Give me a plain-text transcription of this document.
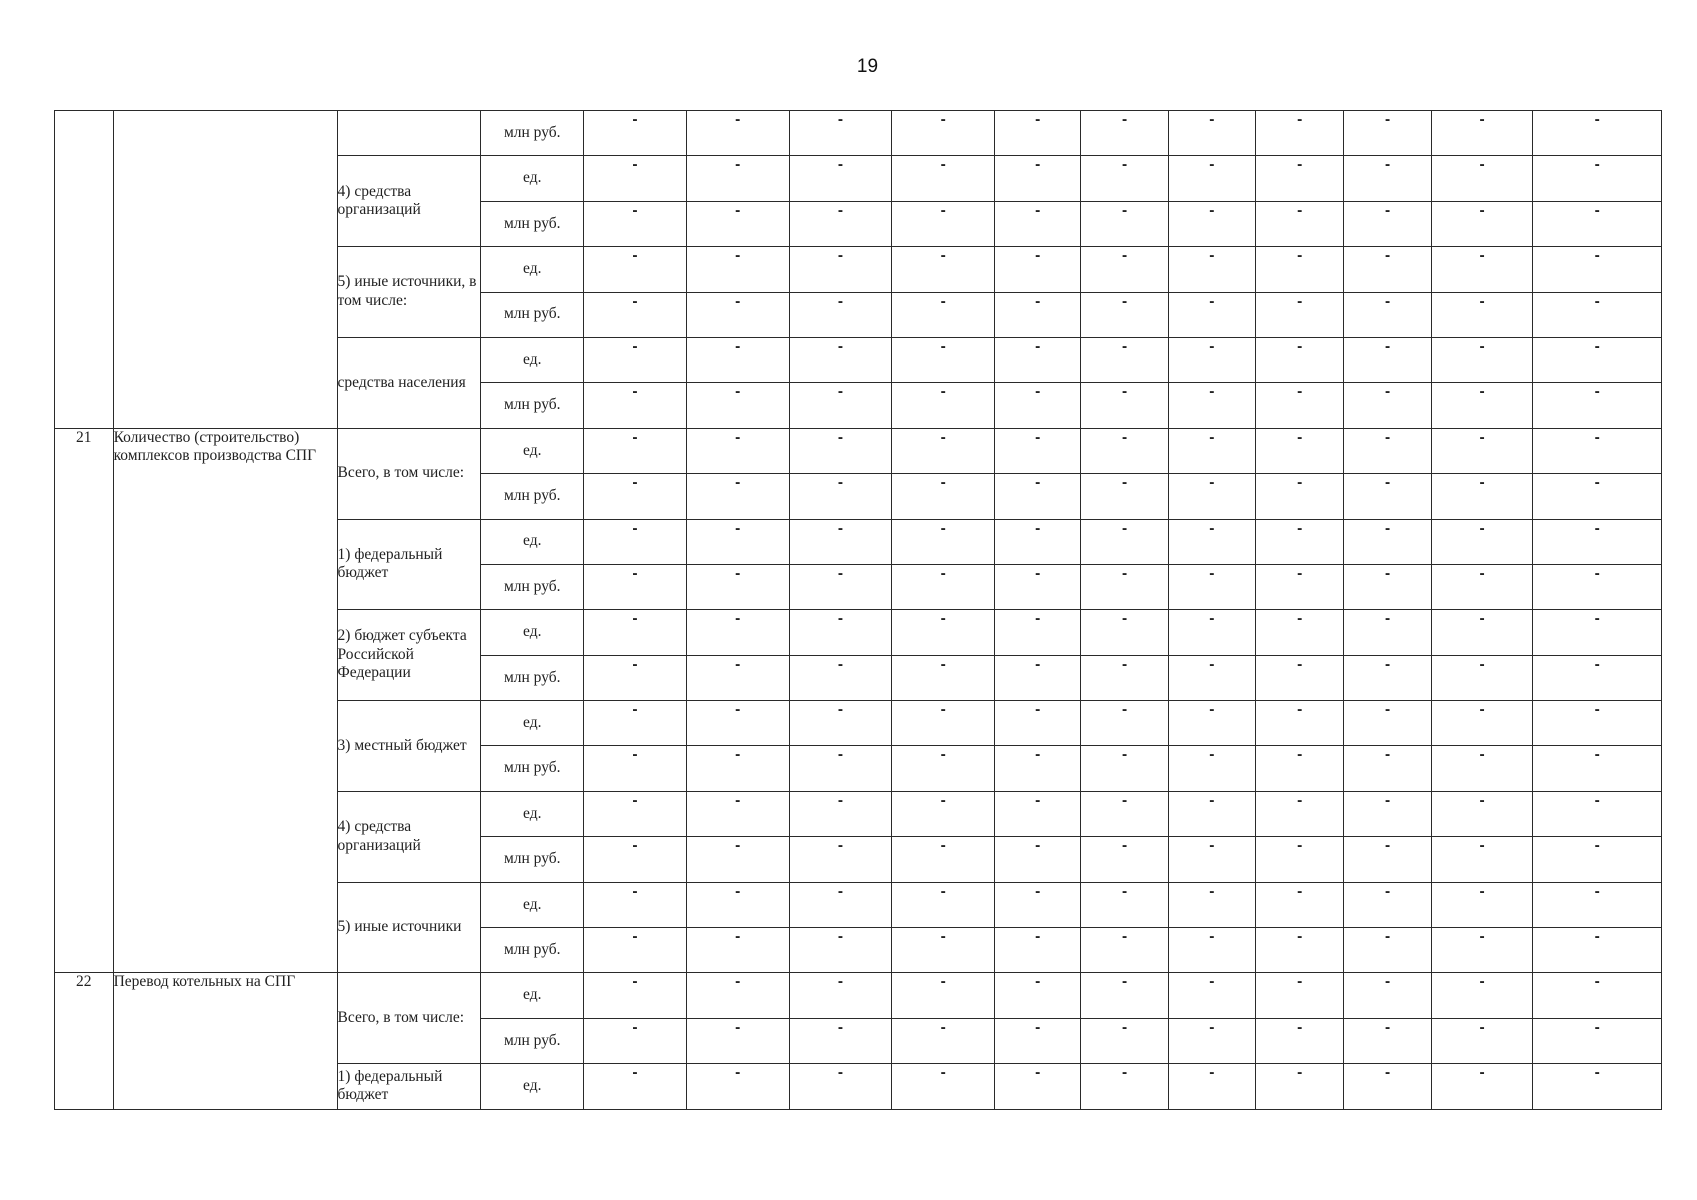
19
			млн руб.	-	-	-	-	-	-	-	-	-	-	-
		4) средства организаций	ед.	-	-	-	-	-	-	-	-	-	-	-
			млн руб.	-	-	-	-	-	-	-	-	-	-	-
		5) иные источники, в том числе:	ед.	-	-	-	-	-	-	-	-	-	-	-
			млн руб.	-	-	-	-	-	-	-	-	-	-	-
		средства населения	ед.	-	-	-	-	-	-	-	-	-	-	-
			млн руб.	-	-	-	-	-	-	-	-	-	-	-
21	Количество (строительство) комплексов производства СПГ	Всего, в том числе:	ед.	-	-	-	-	-	-	-	-	-	-	-
			млн руб.	-	-	-	-	-	-	-	-	-	-	-
		1) федеральный бюджет	ед.	-	-	-	-	-	-	-	-	-	-	-
			млн руб.	-	-	-	-	-	-	-	-	-	-	-
		2) бюджет субъекта Российской Федерации	ед.	-	-	-	-	-	-	-	-	-	-	-
			млн руб.	-	-	-	-	-	-	-	-	-	-	-
		3) местный бюджет	ед.	-	-	-	-	-	-	-	-	-	-	-
			млн руб.	-	-	-	-	-	-	-	-	-	-	-
		4) средства организаций	ед.	-	-	-	-	-	-	-	-	-	-	-
			млн руб.	-	-	-	-	-	-	-	-	-	-	-
		5) иные источники	ед.	-	-	-	-	-	-	-	-	-	-	-
			млн руб.	-	-	-	-	-	-	-	-	-	-	-
22	Перевод котельных на СПГ	Всего, в том числе:	ед.	-	-	-	-	-	-	-	-	-	-	-
			млн руб.	-	-	-	-	-	-	-	-	-	-	-
		1) федеральный бюджет	ед.	-	-	-	-	-	-	-	-	-	-	-
